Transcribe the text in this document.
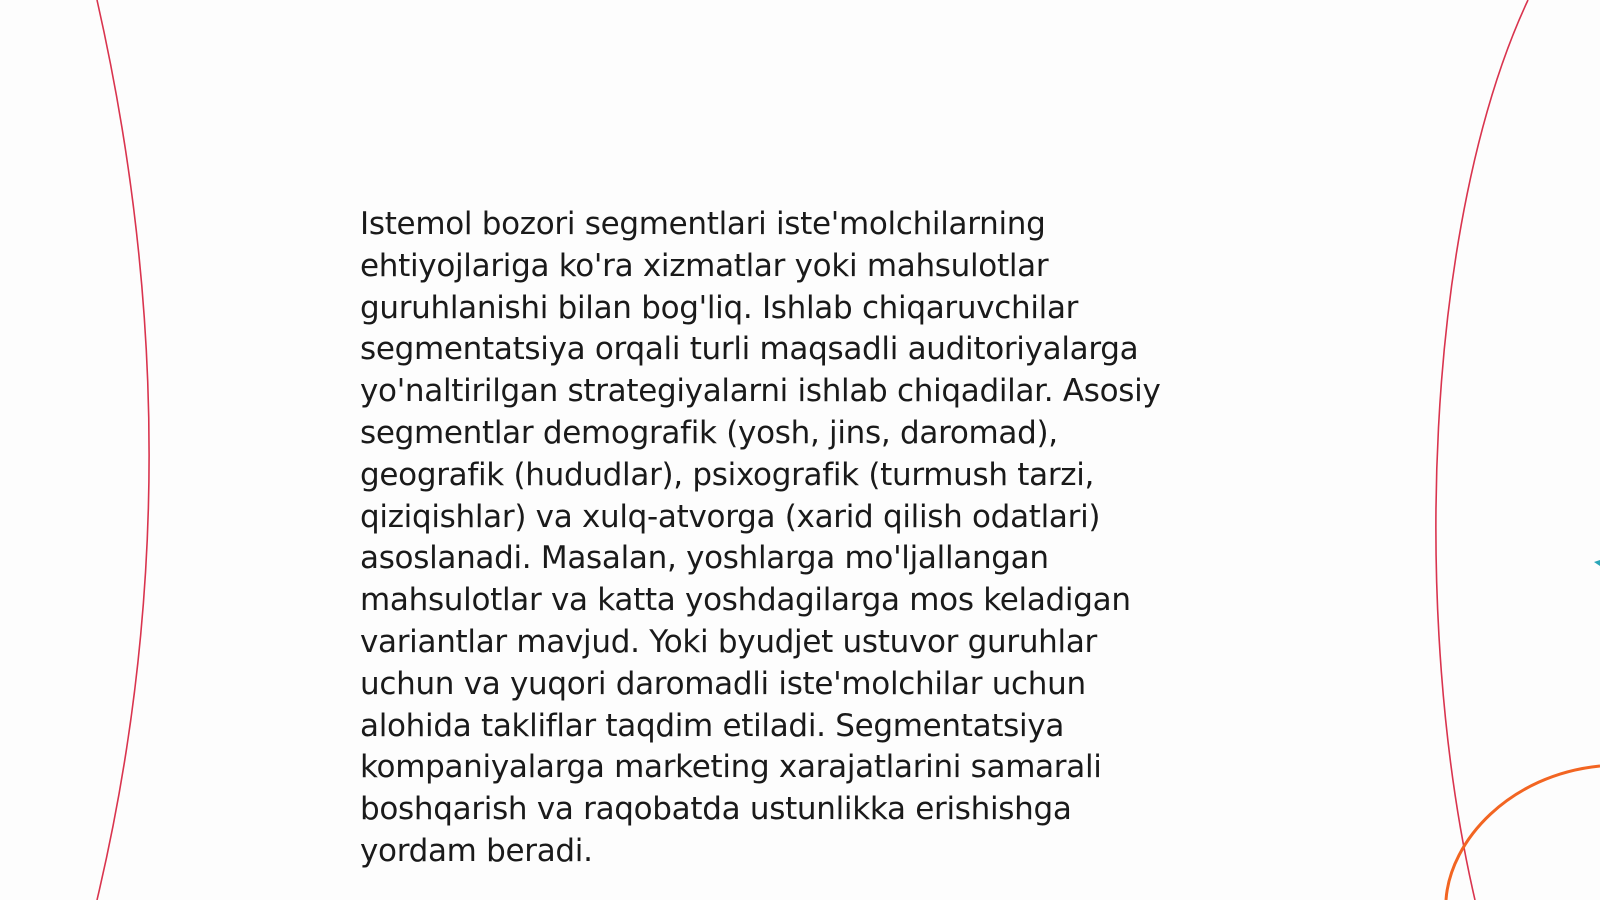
Istemol bozori segmentlari iste'molchilarning
ehtiyojlariga ko'ra xizmatlar yoki mahsulotlar
guruhlanishi bilan bog'liq. Ishlab chiqaruvchilar
segmentatsiya orqali turli maqsadli auditoriyalarga
yo'naltirilgan strategiyalarni ishlab chiqadilar. Asosiy
segmentlar demografik (yosh, jins, daromad),
geografik (hududlar), psixografik (turmush tarzi,
qiziqishlar) va xulq-atvorga (xarid qilish odatlari)
asoslanadi. Masalan, yoshlarga mo'ljallangan
mahsulotlar va katta yoshdagilarga mos keladigan
variantlar mavjud. Yoki byudjet ustuvor guruhlar
uchun va yuqori daromadli iste'molchilar uchun
alohida takliflar taqdim etiladi. Segmentatsiya
kompaniyalarga marketing xarajatlarini samarali
boshqarish va raqobatda ustunlikka erishishga
yordam beradi.
